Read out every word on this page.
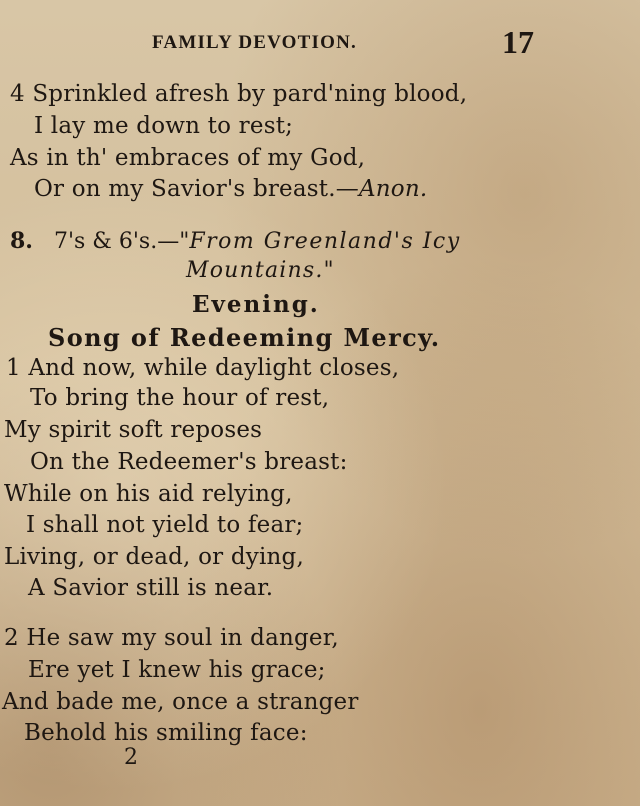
FAMILY DEVOTION.	17
4 Sprinkled afresh by pard'ning blood,
I lay me down to rest;
As in th' embraces of my God,
Or on my Savior's breast.—Anon.
8. 7's & 6's.—"From Greenland's Icy
Mountains."
Evening.
Song of Redeeming Mercy.
1 And now, while daylight closes,
To bring the hour of rest,
My spirit soft reposes
On the Redeemer's breast:
While on his aid relying,
I shall not yield to fear;
Living, or dead, or dying,
A Savior still is near.
2 He saw my soul in danger,
Ere yet I knew his grace;
And bade me, once a stranger
Behold his smiling face:
2
